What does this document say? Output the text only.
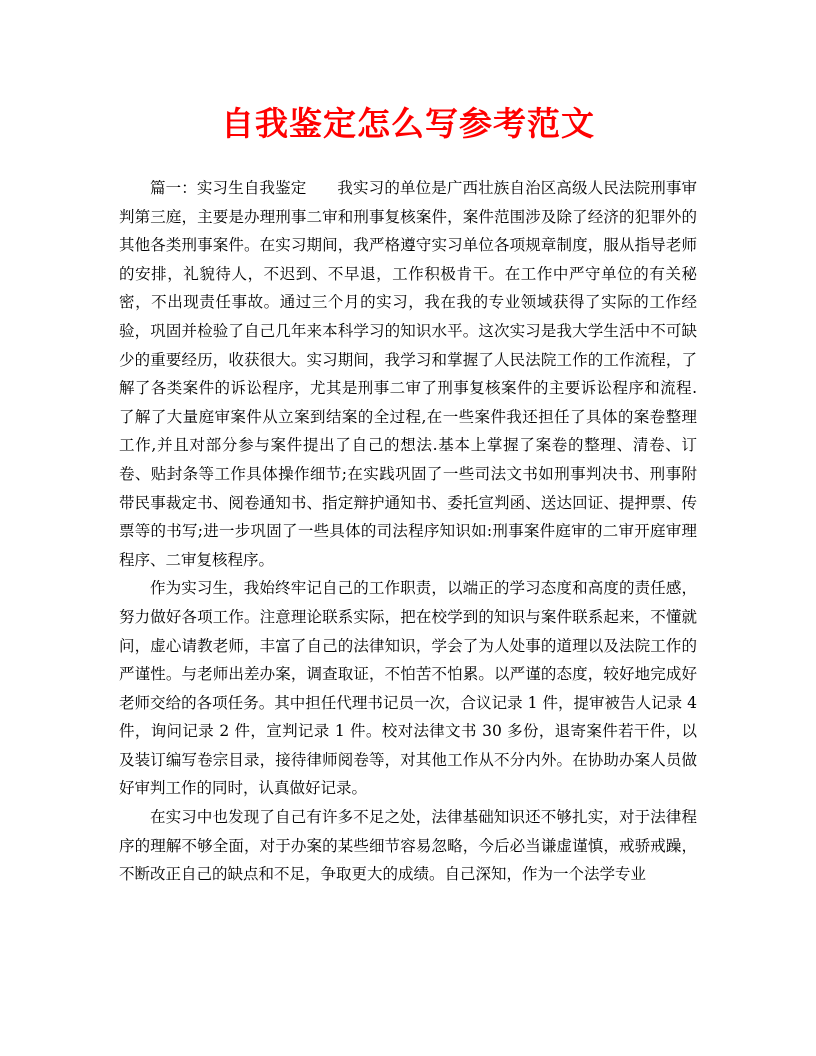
自我鉴定怎么写参考范文

篇一：实习生自我鉴定 我实习的单位是广西壮族自治区高级人民法院刑事审判第三庭，主要是办理刑事二审和刑事复核案件，案件范围涉及除了经济的犯罪外的其他各类刑事案件。在实习期间，我严格遵守实习单位各项规章制度，服从指导老师的安排，礼貌待人，不迟到、不早退，工作积极肯干。在工作中严守单位的有关秘密，不出现责任事故。通过三个月的实习，我在我的专业领域获得了实际的工作经验，巩固并检验了自己几年来本科学习的知识水平。这次实习是我大学生活中不可缺少的重要经历，收获很大。实习期间，我学习和掌握了人民法院工作的工作流程，了解了各类案件的诉讼程序，尤其是刑事二审了刑事复核案件的主要诉讼程序和流程.了解了大量庭审案件从立案到结案的全过程,在一些案件我还担任了具体的案卷整理工作,并且对部分参与案件提出了自己的想法.基本上掌握了案卷的整理、清卷、订卷、贴封条等工作具体操作细节;在实践巩固了一些司法文书如刑事判决书、刑事附带民事裁定书、阅卷通知书、指定辩护通知书、委托宣判函、送达回证、提押票、传票等的书写;进一步巩固了一些具体的司法程序知识如:刑事案件庭审的二审开庭审理程序、二审复核程序。

作为实习生，我始终牢记自己的工作职责，以端正的学习态度和高度的责任感，努力做好各项工作。注意理论联系实际，把在校学到的知识与案件联系起来，不懂就问，虚心请教老师，丰富了自己的法律知识，学会了为人处事的道理以及法院工作的严谨性。与老师出差办案，调查取证，不怕苦不怕累。以严谨的态度，较好地完成好老师交给的各项任务。其中担任代理书记员一次，合议记录 1 件，提审被告人记录 4 件，询问记录 2 件，宣判记录 1 件。校对法律文书 30 多份，退寄案件若干件，以及装订编写卷宗目录，接待律师阅卷等，对其他工作从不分内外。在协助办案人员做好审判工作的同时，认真做好记录。

在实习中也发现了自己有许多不足之处，法律基础知识还不够扎实，对于法律程序的理解不够全面，对于办案的某些细节容易忽略，今后必当谦虚谨慎，戒骄戒躁，不断改正自己的缺点和不足，争取更大的成绩。自己深知，作为一个法学专业
